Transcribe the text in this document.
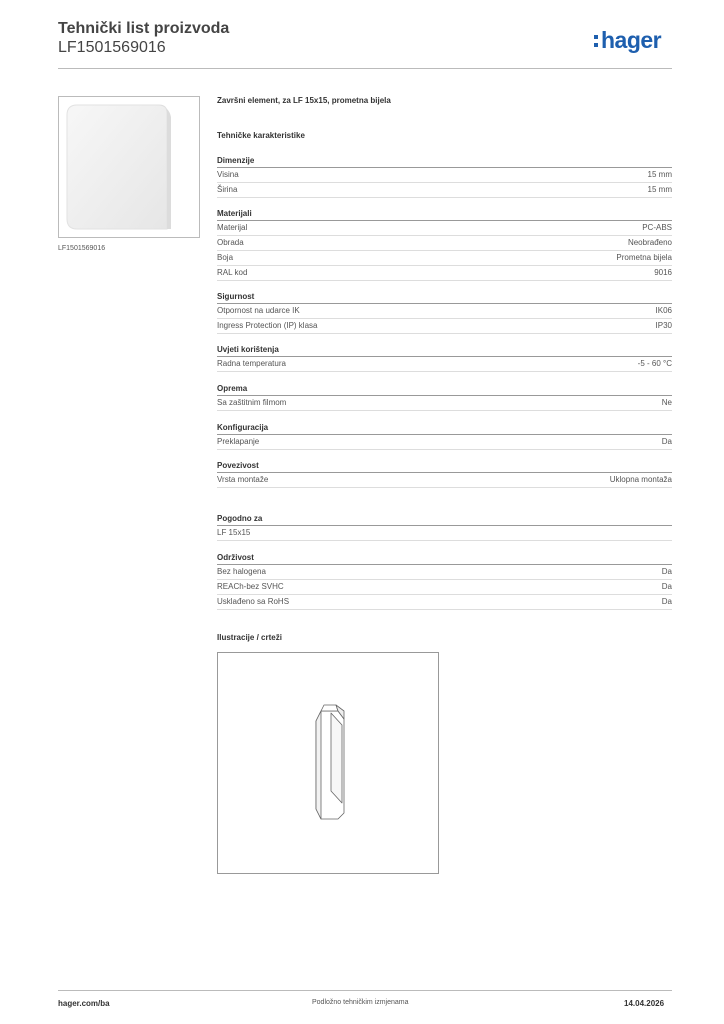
Tehnički list proizvoda
LF1501569016	hager
LF1501569016
Završni element, za LF 15x15, prometna bijela
Tehničke karakteristike
Dimenzije
Visina	15 mm
Širina	15 mm
Materijali
Materijal	PC-ABS
Obrada	Neobrađeno
Boja	Prometna bijela
RAL kod	9016
Sigurnost
Otpornost na udarce IK	IK06
Ingress Protection (IP) klasa	IP30
Uvjeti korištenja
Radna temperatura	-5 - 60 °C
Oprema
Sa zaštitnim filmom	Ne
Konfiguracija
Preklapanje	Da
Povezivost
Vrsta montaže	Uklopna montaža
Pogodno za
LF 15x15
Održivost
Bez halogena	Da
REACh-bez SVHC	Da
Usklađeno sa RoHS	Da
Ilustracije / crteži
hager.com/ba	Podložno tehničkim izmjenama	14.04.2026
